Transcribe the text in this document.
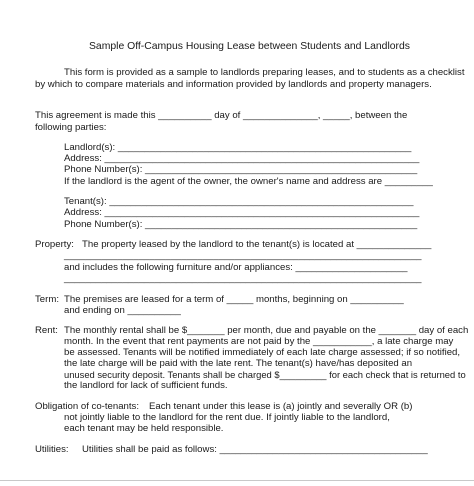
Sample Off-Campus Housing Lease between Students and Landlords
This form is provided as a sample to landlords preparing leases, and to students as a checklist
by which to compare materials and information provided by landlords and property managers.
This agreement is made this __________ day of ______________, _____, between the
following parties:
Landlord(s): _______________________________________________________
Address: ___________________________________________________________
Phone Number(s): ___________________________________________________
If the landlord is the agent of the owner, the owner's name and address are _________
Tenant(s): _________________________________________________________
Address: ___________________________________________________________
Phone Number(s): ___________________________________________________
Property: The property leased by the landlord to the tenant(s) is located at ______________
___________________________________________________________________
and includes the following furniture and/or appliances: _____________________
___________________________________________________________________
Term: The premises are leased for a term of _____ months, beginning on __________
and ending on __________
Rent: The monthly rental shall be $_______ per month, due and payable on the _______ day of each
month. In the event that rent payments are not paid by the ___________, a late charge may
be assessed. Tenants will be notified immediately of each late charge assessed; if so notified,
the late charge will be paid with the late rent. The tenant(s) have/has deposited an
unused security deposit. Tenants shall be charged $_________ for each check that is returned to
the landlord for lack of sufficient funds.
Obligation of co-tenants: Each tenant under this lease is (a) jointly and severally OR (b)
not jointly liable to the landlord for the rent due. If jointly liable to the landlord,
each tenant may be held responsible.
Utilities: Utilities shall be paid as follows: _______________________________________
